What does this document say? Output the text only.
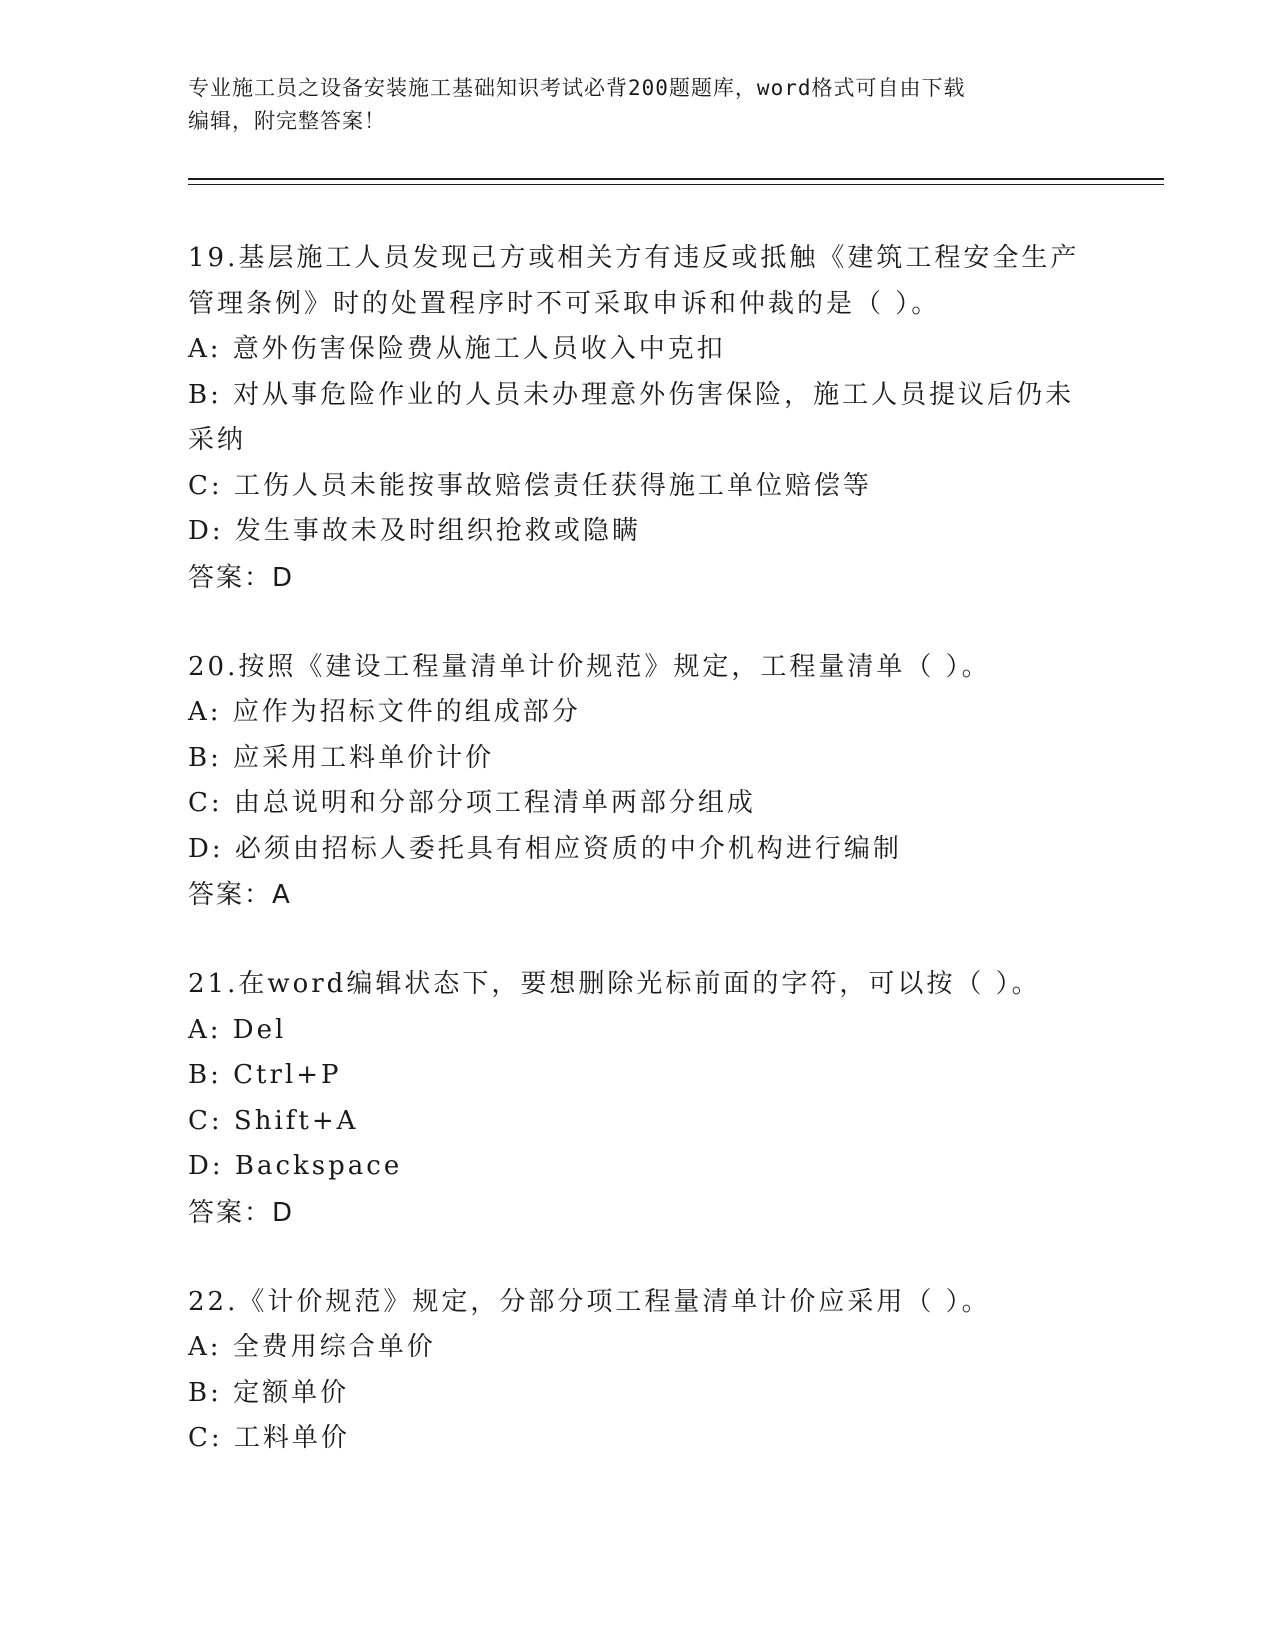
专业施工员之设备安装施工基础知识考试必背200题题库，word格式可自由下载
编辑，附完整答案！
19.基层施工人员发现己方或相关方有违反或抵触《建筑工程安全生产
管理条例》时的处置程序时不可采取申诉和仲裁的是（ ）。
A: 意外伤害保险费从施工人员收入中克扣
B: 对从事危险作业的人员未办理意外伤害保险，施工人员提议后仍未
采纳
C: 工伤人员未能按事故赔偿责任获得施工单位赔偿等
D: 发生事故未及时组织抢救或隐瞒
答案：D
20.按照《建设工程量清单计价规范》规定，工程量清单（ ）。
A: 应作为招标文件的组成部分
B: 应采用工料单价计价
C: 由总说明和分部分项工程清单两部分组成
D: 必须由招标人委托具有相应资质的中介机构进行编制
答案：A
21.在word编辑状态下，要想删除光标前面的字符，可以按（ ）。
A: Del
B: Ctrl+P
C: Shift+A
D: Backspace
答案：D
22.《计价规范》规定，分部分项工程量清单计价应采用（ ）。
A: 全费用综合单价
B: 定额单价
C: 工料单价
